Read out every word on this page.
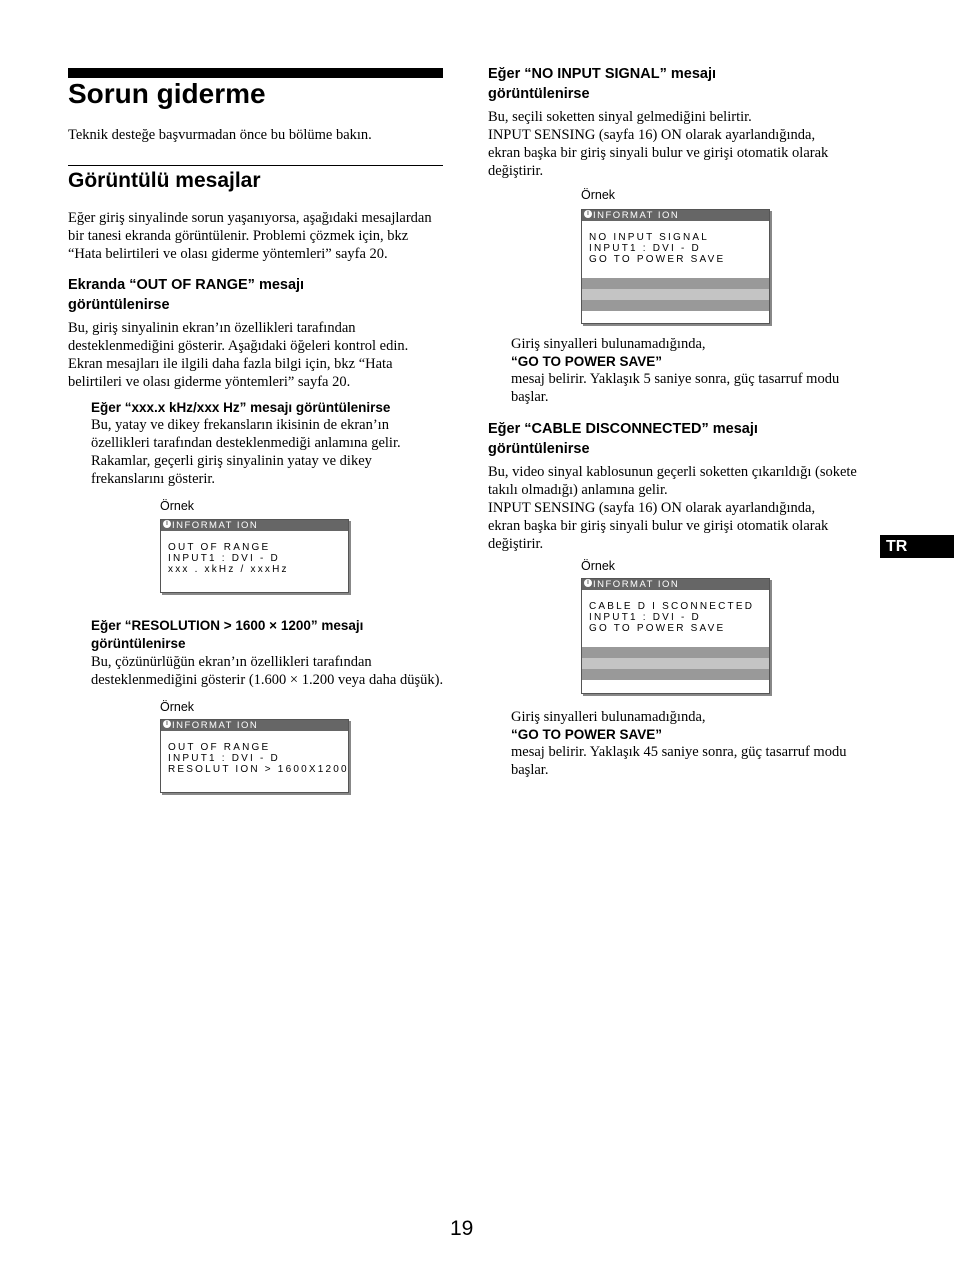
Sorun giderme

Teknik desteğe başvurmadan önce bu bölüme bakın.

Görüntülü mesajlar

Eğer giriş sinyalinde sorun yaşanıyorsa, aşağıdaki mesajlardan

bir tanesi ekranda görüntülenir. Problemi çözmek için, bkz

“Hata belirtileri ve olası giderme yöntemleri” sayfa 20.

Ekranda “OUT OF RANGE” mesajı

görüntülenirse

Bu, giriş sinyalinin ekran’ın özellikleri tarafından

desteklenmediğini gösterir. Aşağıdaki öğeleri kontrol edin.

Ekran mesajları ile ilgili daha fazla bilgi için, bkz “Hata

belirtileri ve olası giderme yöntemleri” sayfa 20.

Eğer “xxx.x kHz/xxx Hz” mesajı görüntülenirse

Bu, yatay ve dikey frekansların ikisinin de ekran’ın

özellikleri tarafından desteklenmediği anlamına gelir.

Rakamlar, geçerli giriş sinyalinin yatay ve dikey

frekanslarını gösterir.

Örnek
i INFORMAT ION
OUT OF RANGE
INPUT1 : DVI - D
xxx . xkHz / xxxHz

Eğer “RESOLUTION > 1600 × 1200” mesajı

görüntülenirse

Bu, çözünürlüğün ekran’ın özellikleri tarafından

desteklenmediğini gösterir (1.600 × 1.200 veya daha düşük).

Örnek
i INFORMAT ION
OUT OF RANGE
INPUT1 : DVI - D
RESOLUT ION > 1600X1200

Eğer “NO INPUT SIGNAL” mesajı

görüntülenirse

Bu, seçili soketten sinyal gelmediğini belirtir.

INPUT SENSING (sayfa 16) ON olarak ayarlandığında,

ekran başka bir giriş sinyali bulur ve girişi otomatik olarak

değiştirir.

Örnek
i INFORMAT ION
NO INPUT SIGNAL
INPUT1 : DVI - D
GO TO POWER SAVE

Giriş sinyalleri bulunamadığında,

“GO TO POWER SAVE”

mesaj belirir. Yaklaşık 5 saniye sonra, güç tasarruf modu

başlar.

Eğer “CABLE DISCONNECTED” mesajı

görüntülenirse

Bu, video sinyal kablosunun geçerli soketten çıkarıldığı (sokete

takılı olmadığı) anlamına gelir.

INPUT SENSING (sayfa 16) ON olarak ayarlandığında,

ekran başka bir giriş sinyali bulur ve girişi otomatik olarak

değiştirir.

Örnek
i INFORMAT ION
CABLE D I SCONNECTED
INPUT1 : DVI - D
GO TO POWER SAVE

Giriş sinyalleri bulunamadığında,

“GO TO POWER SAVE”

mesaj belirir. Yaklaşık 45 saniye sonra, güç tasarruf modu

başlar.

TR
19
